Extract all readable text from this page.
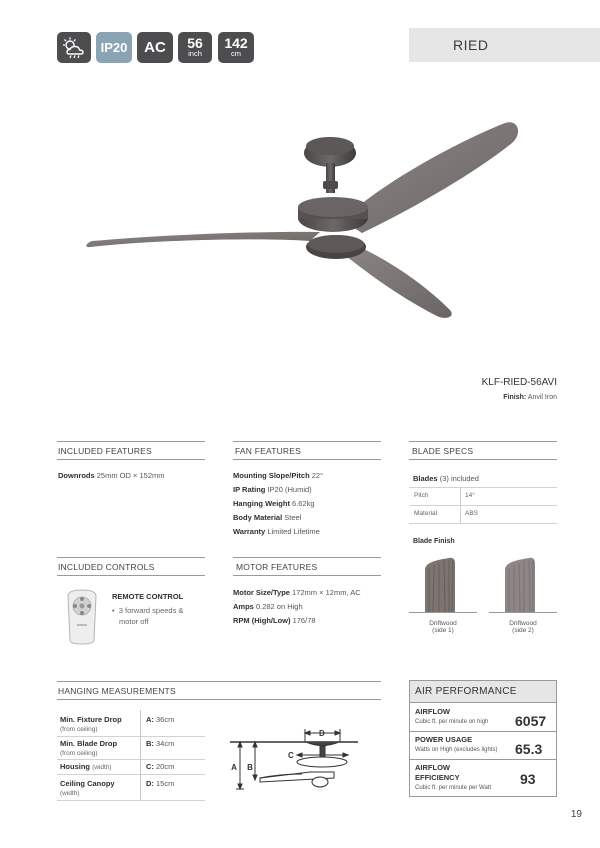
IP20 AC 56
inch
142
cm
RIED
KLF-RIED-56AVI
Finish: Anvil Iron
INCLUDED FEATURES
Downrods 25mm OD × 152mm
FAN FEATURES
Mounting Slope/Pitch 22°
IP Rating IP20 (Humid)
Hanging Weight 6.62kg
Body Material Steel
Warranty Limited Lifetime
BLADE SPECS
Blades (3) included
Pitch	14°
Material	ABS
Blade Finish
Driftwood
(side 1)
Driftwood
(side 2)
INCLUDED CONTROLS
REMOTE CONTROL
•  3 forward speeds &
motor off
MOTOR FEATURES
Motor Size/Type 172mm × 12mm, AC
Amps 0.282 on High
RPM (High/Low) 176/78
HANGING MEASUREMENTS
Min. Fixture Drop
(from ceiling)
A: 36cm
Min. Blade Drop
(from ceiling)
B: 34cm
Housing (width)	C: 20cm
Ceiling Canopy
(width)
D: 15cm
A B
C
D
AIR PERFORMANCE
AIRFLOW
Cubic ft. per minute on high 6057
POWER USAGE
Watts on High (excludes lights) 65.3
AIRFLOW
EFFICIENCY
Cubic ft. per minute per Watt
93
19
